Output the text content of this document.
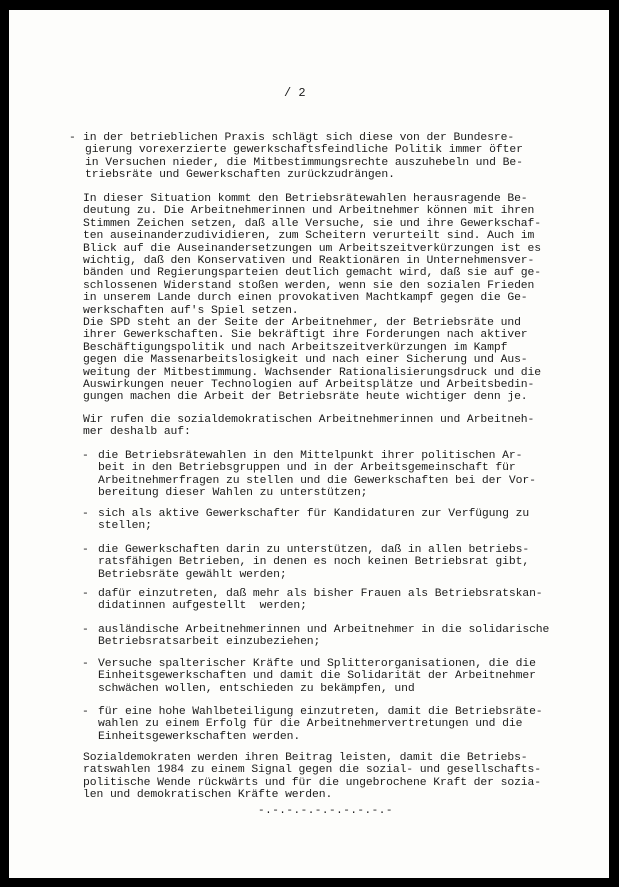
/ 2
- in der betrieblichen Praxis schlägt sich diese von der Bundesre-
gierung vorexerzierte gewerkschaftsfeindliche Politik immer öfter
in Versuchen nieder, die Mitbestimmungsrechte auszuhebeln und Be-
triebsräte und Gewerkschaften zurückzudrängen.
In dieser Situation kommt den Betriebsrätewahlen herausragende Be-
deutung zu. Die Arbeitnehmerinnen und Arbeitnehmer können mit ihren
Stimmen Zeichen setzen, daß alle Versuche, sie und ihre Gewerkschaf-
ten auseinanderzudividieren, zum Scheitern verurteilt sind. Auch im
Blick auf die Auseinandersetzungen um Arbeitszeitverkürzungen ist es
wichtig, daß den Konservativen und Reaktionären in Unternehmensver-
bänden und Regierungsparteien deutlich gemacht wird, daß sie auf ge-
schlossenen Widerstand stoßen werden, wenn sie den sozialen Frieden
in unserem Lande durch einen provokativen Machtkampf gegen die Ge-
werkschaften auf's Spiel setzen.
Die SPD steht an der Seite der Arbeitnehmer, der Betriebsräte und
ihrer Gewerkschaften. Sie bekräftigt ihre Forderungen nach aktiver
Beschäftigungspolitik und nach Arbeitszeitverkürzungen im Kampf
gegen die Massenarbeitslosigkeit und nach einer Sicherung und Aus-
weitung der Mitbestimmung. Wachsender Rationalisierungsdruck und die
Auswirkungen neuer Technologien auf Arbeitsplätze und Arbeitsbedin-
gungen machen die Arbeit der Betriebsräte heute wichtiger denn je.
Wir rufen die sozialdemokratischen Arbeitnehmerinnen und Arbeitneh-
mer deshalb auf:
- die Betriebsrätewahlen in den Mittelpunkt ihrer politischen Ar-
beit in den Betriebsgruppen und in der Arbeitsgemeinschaft für
Arbeitnehmerfragen zu stellen und die Gewerkschaften bei der Vor-
bereitung dieser Wahlen zu unterstützen;
- sich als aktive Gewerkschafter für Kandidaturen zur Verfügung zu
stellen;
- die Gewerkschaften darin zu unterstützen, daß in allen betriebs-
ratsfähigen Betrieben, in denen es noch keinen Betriebsrat gibt,
Betriebsräte gewählt werden;
- dafür einzutreten, daß mehr als bisher Frauen als Betriebsratskan-
didatinnen aufgestellt  werden;
- ausländische Arbeitnehmerinnen und Arbeitnehmer in die solidarische
Betriebsratsarbeit einzubeziehen;
- Versuche spalterischer Kräfte und Splitterorganisationen, die die
Einheitsgewerkschaften und damit die Solidarität der Arbeitnehmer
schwächen wollen, entschieden zu bekämpfen, und
- für eine hohe Wahlbeteiligung einzutreten, damit die Betriebsräte-
wahlen zu einem Erfolg für die Arbeitnehmervertretungen und die
Einheitsgewerkschaften werden.
Sozialdemokraten werden ihren Beitrag leisten, damit die Betriebs-
ratswahlen 1984 zu einem Signal gegen die sozial- und gesellschafts-
politische Wende rückwärts und für die ungebrochene Kraft der sozia-
len und demokratischen Kräfte werden.
-.-.-.-.-.-.-.-.-.-
